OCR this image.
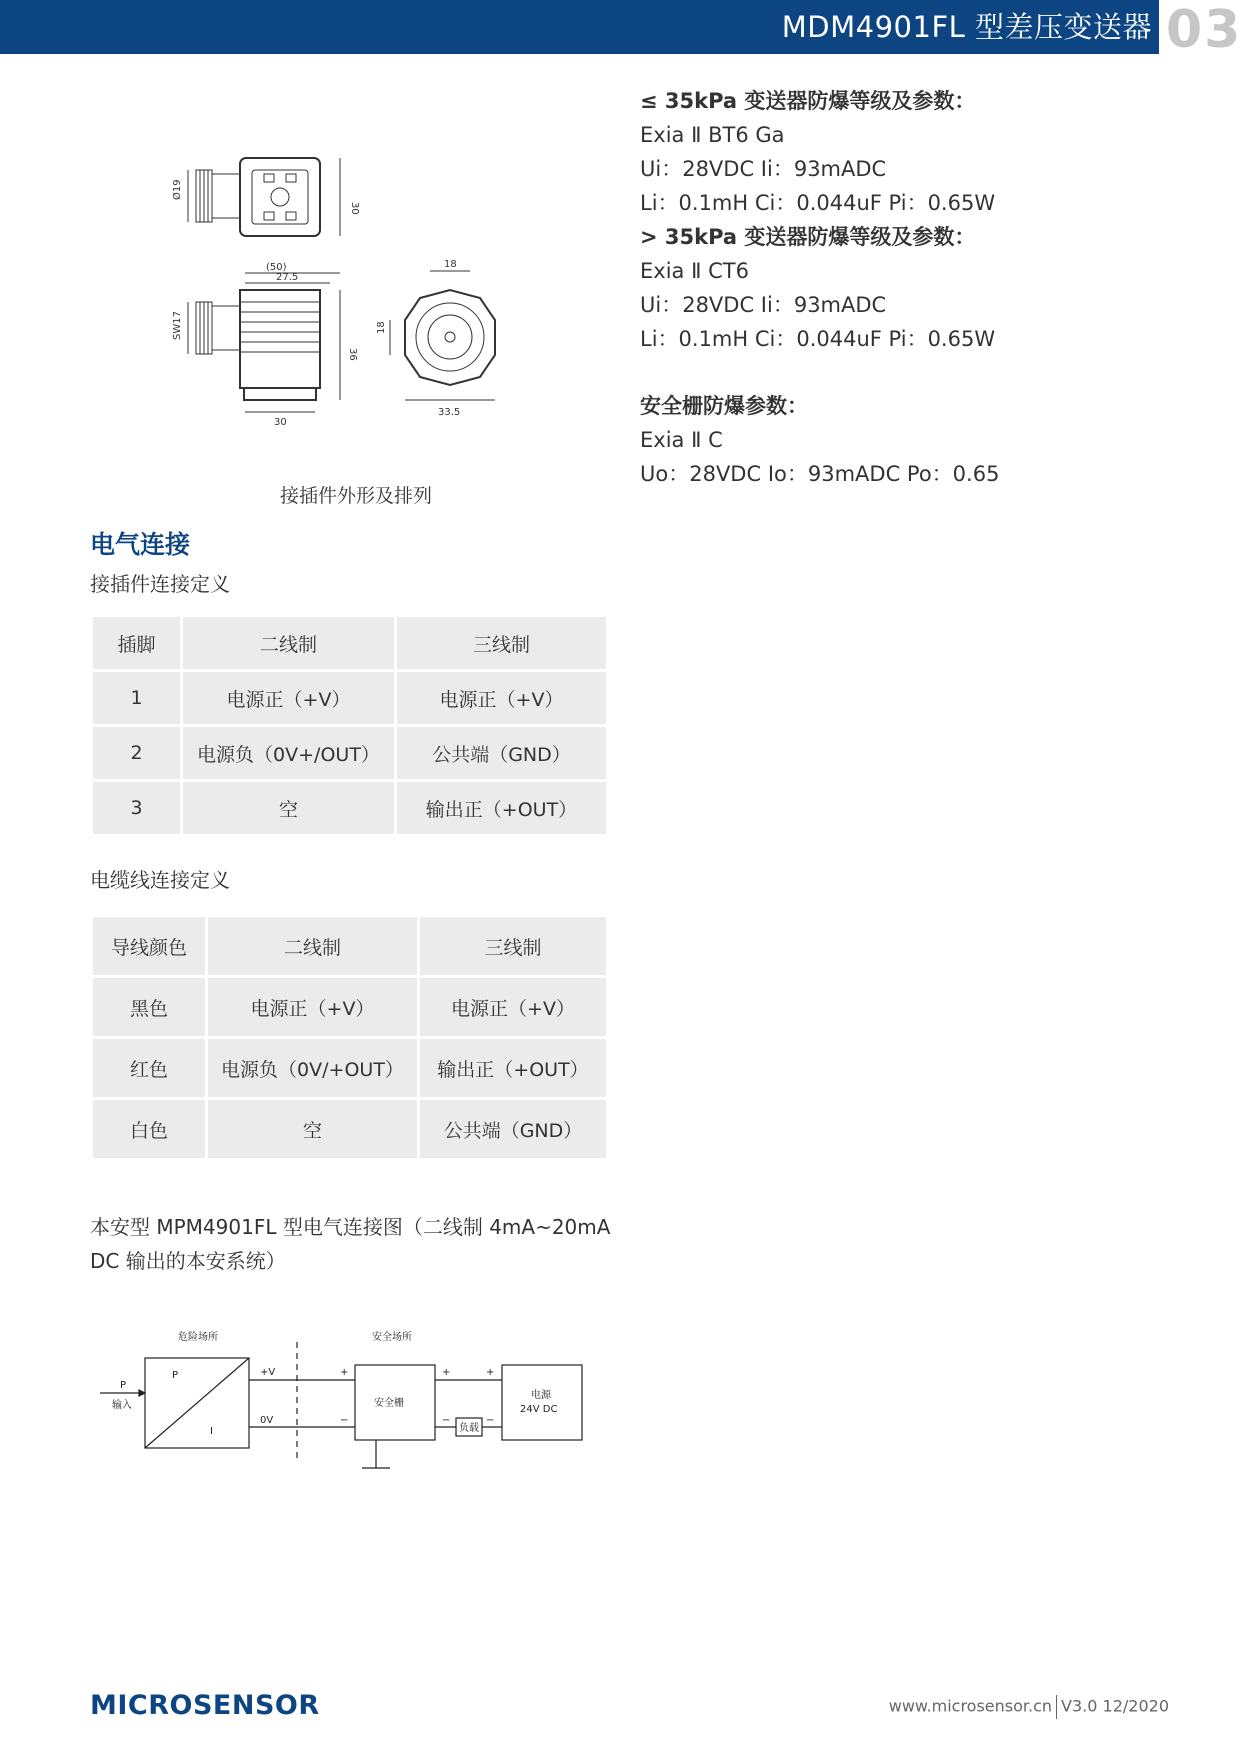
MDM4901FL 型差压变送器 03
Ø19
30
(50)
27.5
SW17
36
30
18
18
33.5
接插件外形及排列
电气连接
接插件连接定义
插脚	二线制	三线制
1	电源正（+V）	电源正（+V）
2	电源负（0V+/OUT）	公共端（GND）
3	空	输出正（+OUT）
电缆线连接定义
导线颜色	二线制	三线制
黑色	电源正（+V）	电源正（+V）
红色	电源负（0V/+OUT）	输出正（+OUT）
白色	空	公共端（GND）
本安型 MPM4901FL 型电气连接图（二线制 4mA~20mA DC 输出的本安系统）
危险场所	安全场所
P
I
P
输入
+V
0V
+
−
+
−
+
−
安全栅
负载
电源
24V DC
≤ 35kPa 变送器防爆等级及参数：
Exia Ⅱ BT6 Ga
Ui：28VDC Ii：93mADC
Li：0.1mH Ci：0.044uF Pi：0.65W
> 35kPa 变送器防爆等级及参数：
Exia Ⅱ CT6
Ui：28VDC Ii：93mADC
Li：0.1mH Ci：0.044uF Pi：0.65W
安全栅防爆参数：
Exia Ⅱ C
Uo：28VDC Io：93mADC Po：0.65
MICROSENSOR	www.microsensor.cn V3.0 12/2020
